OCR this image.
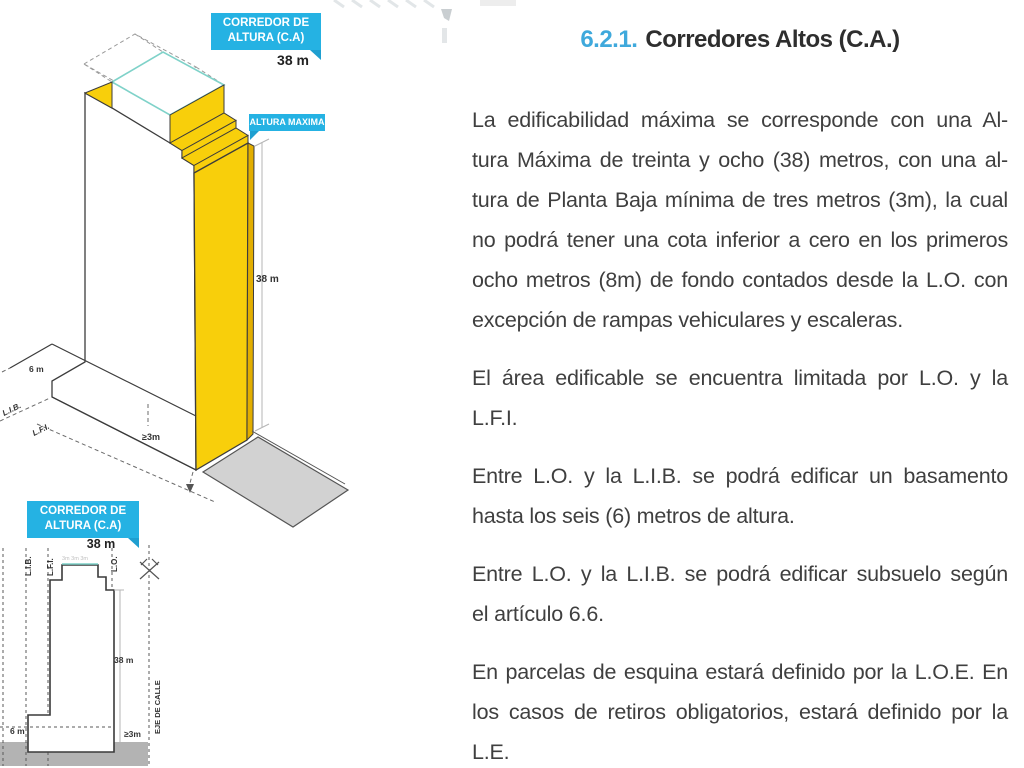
38 m
6 m
≥3m
L.I.B.
L.F.I.
3m 3m 3m
L.I.B. L.F.I.	L.O.
EJE DE CALLE
38 m
6 m	≥3m
CORREDOR DE
ALTURA (C.A)
38 m
ALTURA MAXIMA
CORREDOR DE
ALTURA (C.A)
38 m
6.2.1. Corredores Altos (C.A.)
La edificabilidad máxima se corresponde con una Al-
tura Máxima de treinta y ocho (38) metros, con una al-
tura de Planta Baja mínima de tres metros (3m), la cual
no podrá tener una cota inferior a cero en los primeros
ocho metros (8m) de fondo contados desde la L.O. con
excepción de rampas vehiculares y escaleras.
El área edificable se encuentra limitada por L.O. y la
L.F.I.
Entre L.O. y la L.I.B. se podrá edificar un basamento
hasta los seis (6) metros de altura.
Entre L.O. y la L.I.B. se podrá edificar subsuelo según
el artículo 6.6.
En parcelas de esquina estará definido por la L.O.E. En
los casos de retiros obligatorios, estará definido por la
L.E.
